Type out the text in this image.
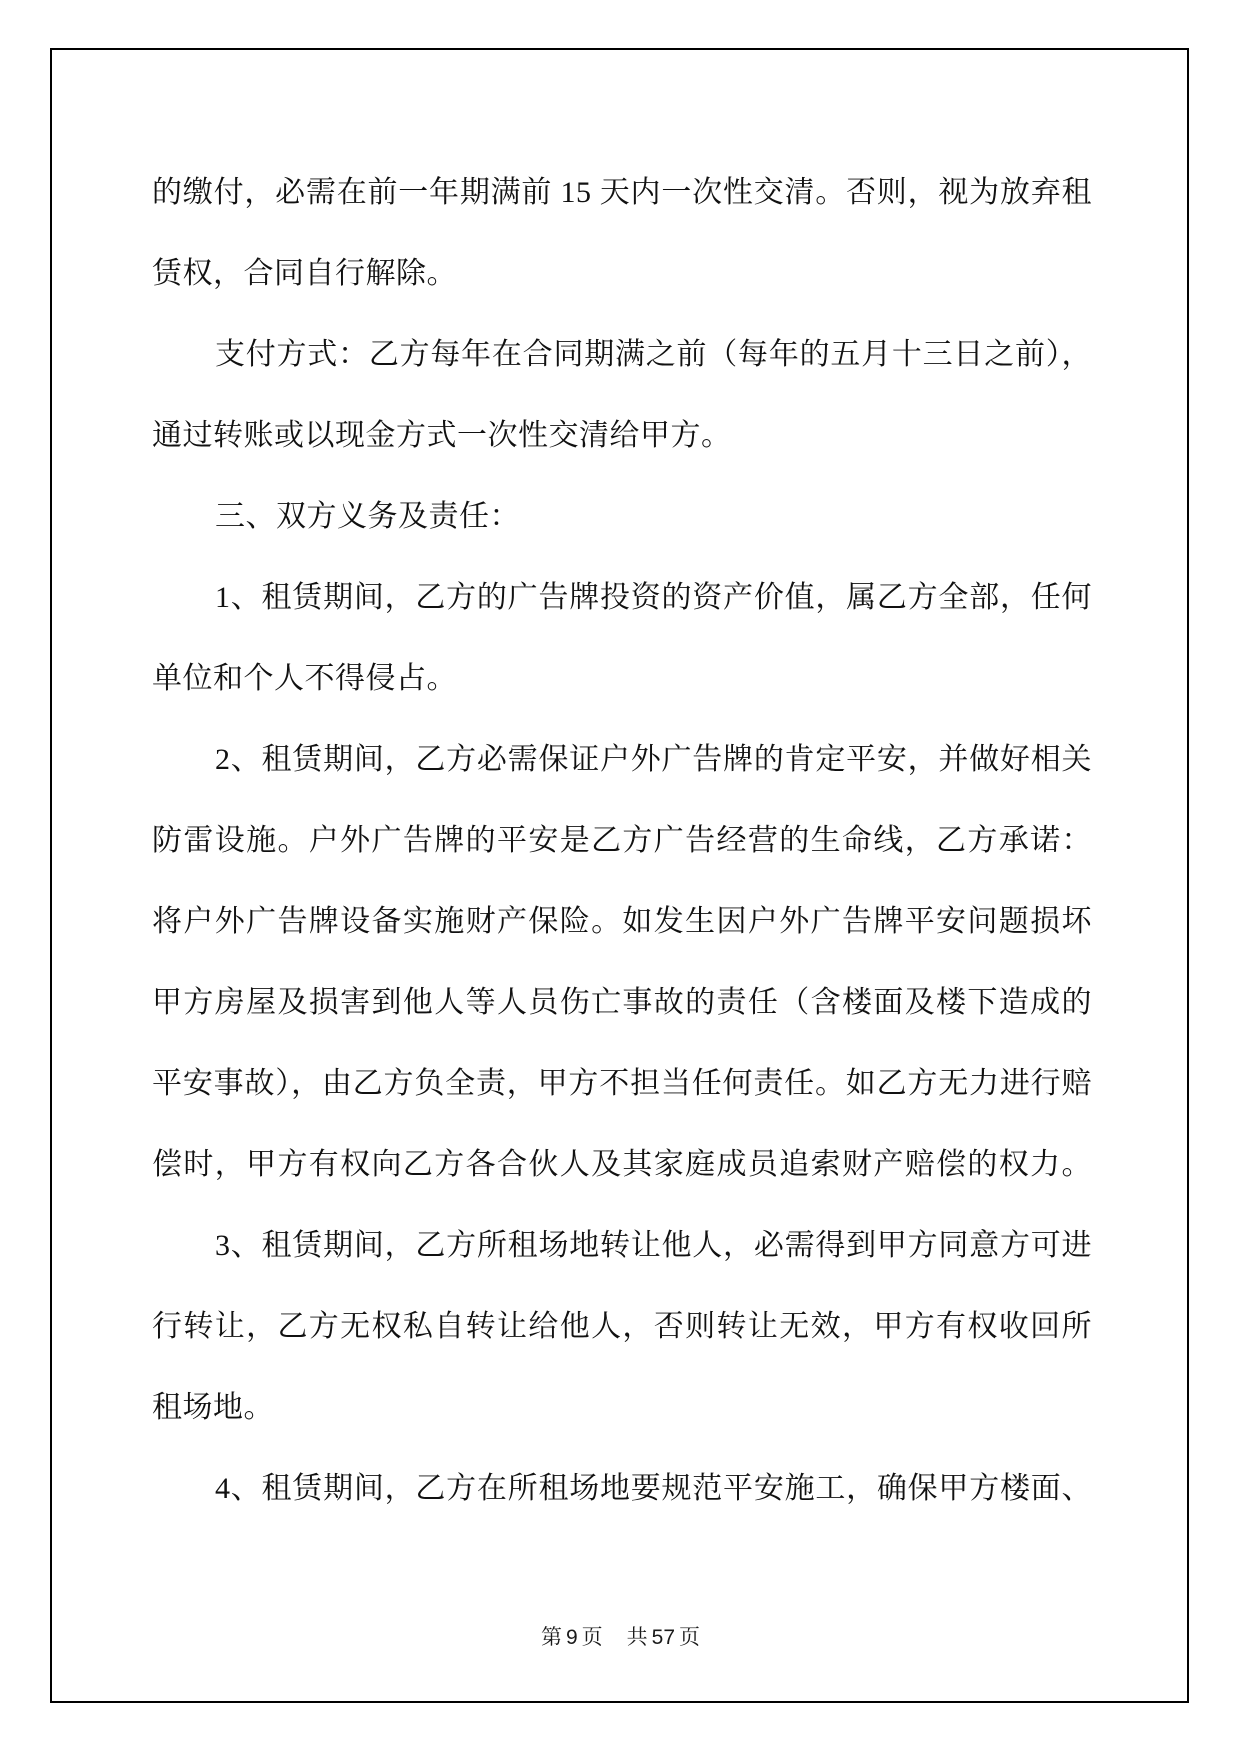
的缴付，必需在前一年期满前 15 天内一次性交清。否则，视为放弃租
赁权，合同自行解除。
支付方式：乙方每年在合同期满之前（每年的五月十三日之前），
通过转账或以现金方式一次性交清给甲方。
三、双方义务及责任：
1、租赁期间，乙方的广告牌投资的资产价值，属乙方全部，任何
单位和个人不得侵占。
2、租赁期间，乙方必需保证户外广告牌的肯定平安，并做好相关
防雷设施。户外广告牌的平安是乙方广告经营的生命线，乙方承诺：
将户外广告牌设备实施财产保险。如发生因户外广告牌平安问题损坏
甲方房屋及损害到他人等人员伤亡事故的责任（含楼面及楼下造成的
平安事故），由乙方负全责，甲方不担当任何责任。如乙方无力进行赔
偿时，甲方有权向乙方各合伙人及其家庭成员追索财产赔偿的权力。
3、租赁期间，乙方所租场地转让他人，必需得到甲方同意方可进
行转让，乙方无权私自转让给他人，否则转让无效，甲方有权收回所
租场地。
4、租赁期间，乙方在所租场地要规范平安施工，确保甲方楼面、
第 9 页 共 57 页
